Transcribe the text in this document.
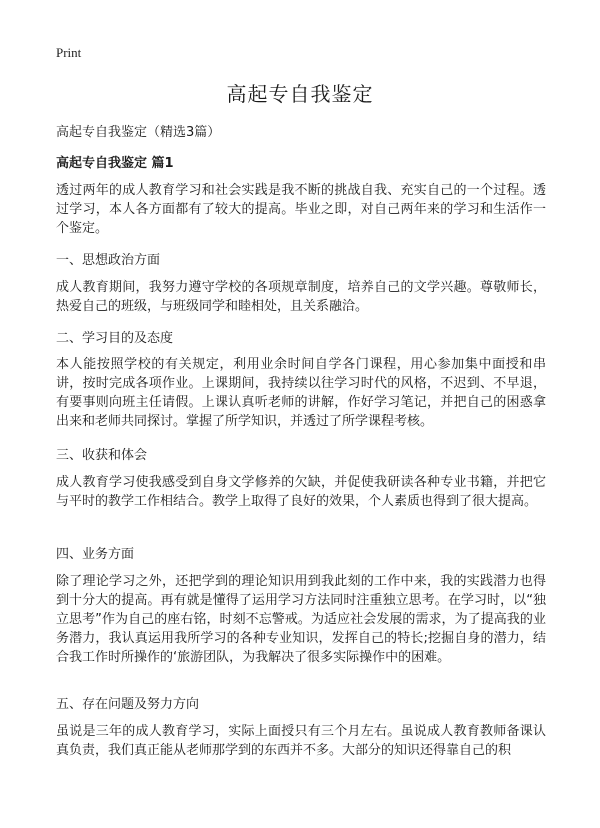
Print
高起专自我鉴定

高起专自我鉴定（精选3篇）

高起专自我鉴定 篇1

透过两年的成人教育学习和社会实践是我不断的挑战自我、充实自己的一个过程。透过学习，本人各方面都有了较大的提高。毕业之即，对自己两年来的学习和生活作一个鉴定。

一、思想政治方面

成人教育期间，我努力遵守学校的各项规章制度，培养自己的文学兴趣。尊敬师长，热爱自己的班级，与班级同学和睦相处，且关系融洽。

二、学习目的及态度

本人能按照学校的有关规定，利用业余时间自学各门课程，用心参加集中面授和串讲，按时完成各项作业。上课期间，我持续以往学习时代的风格，不迟到、不早退，有要事则向班主任请假。上课认真听老师的讲解，作好学习笔记，并把自己的困惑拿出来和老师共同探讨。掌握了所学知识，并透过了所学课程考核。

三、收获和体会

成人教育学习使我感受到自身文学修养的欠缺，并促使我研读各种专业书籍，并把它与平时的教学工作相结合。教学上取得了良好的效果，个人素质也得到了很大提高。

四、业务方面

除了理论学习之外，还把学到的理论知识用到我此刻的工作中来，我的实践潜力也得到十分大的提高。再有就是懂得了运用学习方法同时注重独立思考。在学习时，以“独立思考”作为自己的座右铭，时刻不忘警戒。为适应社会发展的需求，为了提高我的业务潜力，我认真运用我所学习的各种专业知识，发挥自己的特长;挖掘自身的潜力，结合我工作时所操作的‘旅游团队，为我解决了很多实际操作中的困难。

五、存在问题及努力方向

虽说是三年的成人教育学习，实际上面授只有三个月左右。虽说成人教育教师备课认真负责，我们真正能从老师那学到的东西并不多。大部分的知识还得靠自己的积
